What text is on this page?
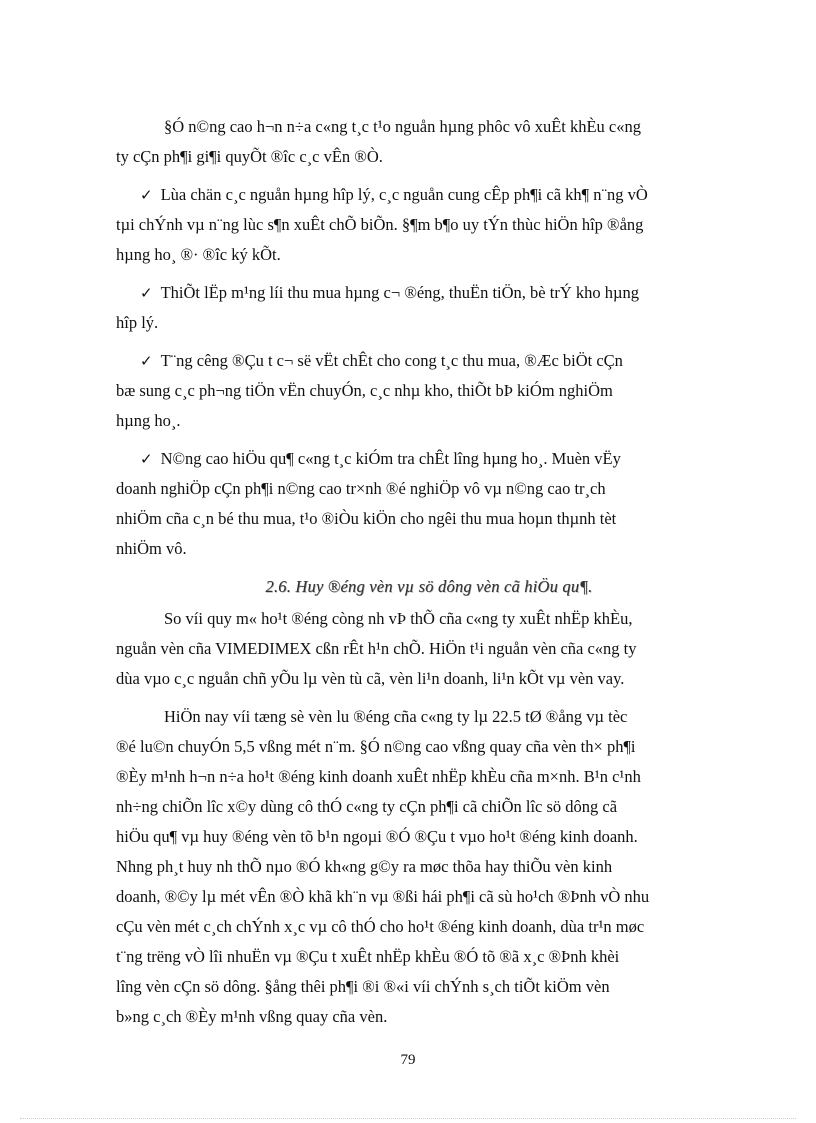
§Ó n©ng cao h¬n n÷a c«ng t¸c t¹o nguån hµng phôc vô xuÊt khÈu c«ng
ty cÇn ph¶i gi¶i quyÕt ®îc c¸c vÊn ®Ò.

✓ Lùa chän c¸c nguån hµng hîp lý, c¸c nguån cung cÊp ph¶i cã kh¶ n¨ng vÒ
tµi chÝnh vµ n¨ng lùc s¶n xuÊt chÕ biÕn. §¶m b¶o uy tÝn thùc hiÖn hîp ®ång
hµng ho¸ ®· ®îc ký kÕt.

✓ ThiÕt lËp m¹ng líi thu mua hµng c¬ ®éng, thuËn tiÖn, bè trÝ kho hµng
hîp lý.

✓ T¨ng cêng ®Çu t c¬ së vËt chÊt cho cong t¸c thu mua, ®Æc biÖt cÇn
bæ sung c¸c ph¬ng tiÖn vËn chuyÓn, c¸c nhµ kho, thiÕt bÞ kiÓm nghiÖm
hµng ho¸.

✓ N©ng cao hiÖu qu¶ c«ng t¸c kiÓm tra chÊt lîng hµng ho¸. Muèn vËy
doanh nghiÖp cÇn ph¶i n©ng cao tr×nh ®é nghiÖp vô vµ n©ng cao tr¸ch
nhiÖm cña c¸n bé thu mua, t¹o ®iÒu kiÖn cho ngêi thu mua hoµn thµnh tèt
nhiÖm vô.

2.6. Huy ®éng vèn vµ sö dông vèn cã hiÖu qu¶.

So víi quy m« ho¹t ®éng còng nh vÞ thÕ cña c«ng ty xuÊt nhËp khÈu,
nguån vèn cña VIMEDIMEX cßn rÊt h¹n chÕ. HiÖn t¹i nguån vèn cña c«ng ty
dùa vµo c¸c nguån chñ yÕu lµ vèn tù cã, vèn li¹n doanh, li¹n kÕt vµ vèn vay.

HiÖn nay víi tæng sè vèn lu ®éng cña c«ng ty lµ 22.5 tØ ®ång vµ tèc
®é lu©n chuyÓn 5,5 vßng mét n¨m. §Ó n©ng cao vßng quay cña vèn th× ph¶i
®Èy m¹nh h¬n n÷a ho¹t ®éng kinh doanh xuÊt nhËp khÈu cña m×nh. B¹n c¹nh
nh÷ng chiÕn lîc x©y dùng cô thÓ c«ng ty cÇn ph¶i cã chiÕn lîc sö dông cã
hiÖu qu¶ vµ huy ®éng vèn tõ b¹n ngoµi ®Ó ®Çu t vµo ho¹t ®éng kinh doanh.
Nhng ph¸t huy nh thÕ nµo ®Ó kh«ng g©y ra møc thõa hay thiÕu vèn kinh
doanh, ®©y lµ mét vÊn ®Ò khã kh¨n vµ ®ßi hái ph¶i cã sù ho¹ch ®Þnh vÒ nhu
cÇu vèn mét c¸ch chÝnh x¸c vµ cô thÓ cho ho¹t ®éng kinh doanh, dùa tr¹n møc
t¨ng trëng vÒ lîi nhuËn vµ ®Çu t xuÊt nhËp khÈu ®Ó tõ ®ã x¸c ®Þnh khèi
lîng vèn cÇn sö dông. §ång thêi ph¶i ®i ®«i víi chÝnh s¸ch tiÕt kiÖm vèn
b»ng c¸ch ®Èy m¹nh vßng quay cña vèn.

79
